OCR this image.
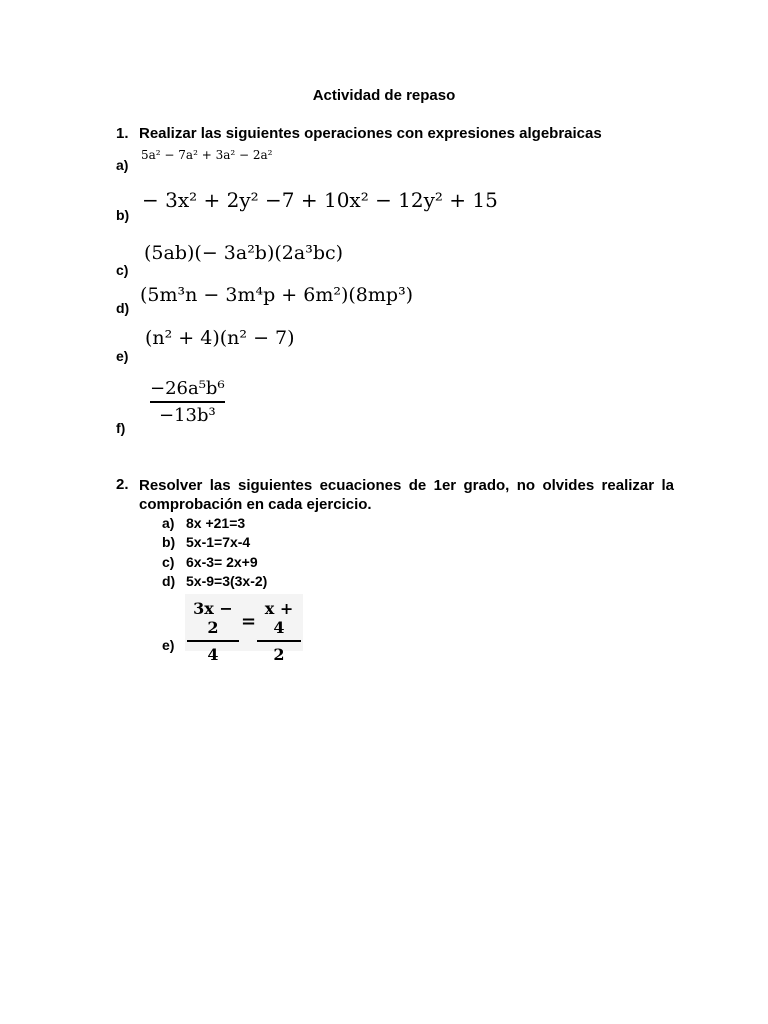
Actividad de repaso
1. Realizar las siguientes operaciones con expresiones algebraicas
a)
5a² − 7a² + 3a² − 2a²
b)
− 3x² + 2y² −7 + 10x² − 12y² + 15
c)
(5ab)(− 3a²b)(2a³bc)
d)
(5m³n − 3m⁴p + 6m²)(8mp³)
e)
(n² + 4)(n² − 7)
f)
$\frac{\text{−26a⁵b⁶}}{\text{−13b³}}$
2. Resolver las siguientes ecuaciones de 1er grado, no olvides realizar la comprobación en cada ejercicio.
a) 8x +21=3
b) 5x-1=7x-4
c) 6x-3= 2x+9
d) 5x-9=3(3x-2)
e)
3x − 2
4
=
x + 4
2
